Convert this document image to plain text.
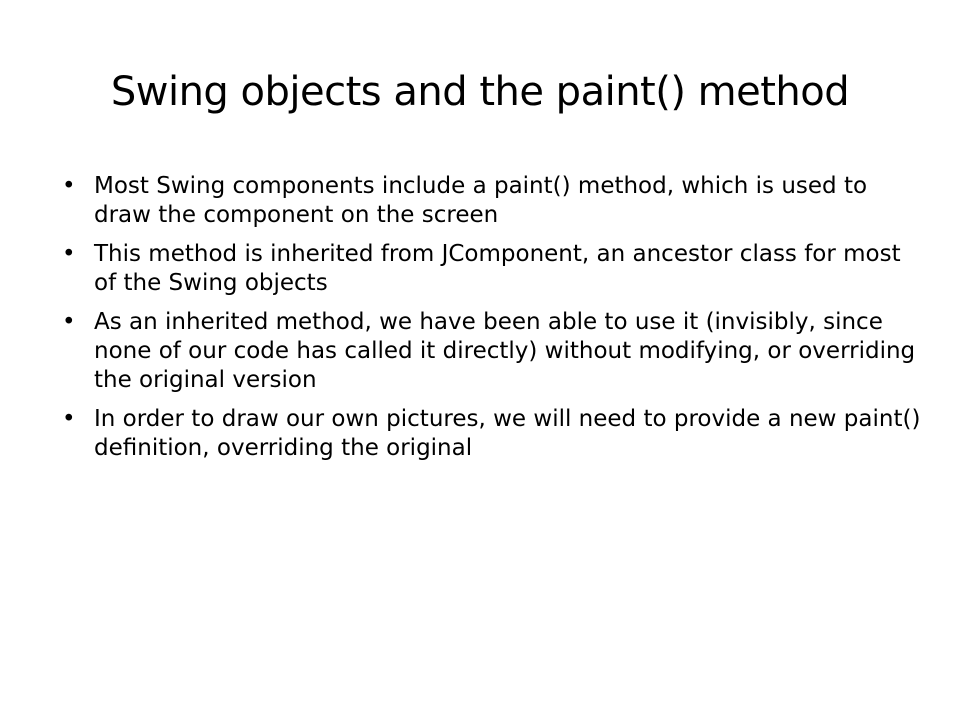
Swing objects and the paint() method
• Most Swing components include a paint() method, which is used to draw the component on the screen
• This method is inherited from JComponent, an ancestor class for most of the Swing objects
• As an inherited method, we have been able to use it (invisibly, since none of our code has called it directly) without modifying, or overriding the original version
• In order to draw our own pictures, we will need to provide a new paint() definition, overriding the original
